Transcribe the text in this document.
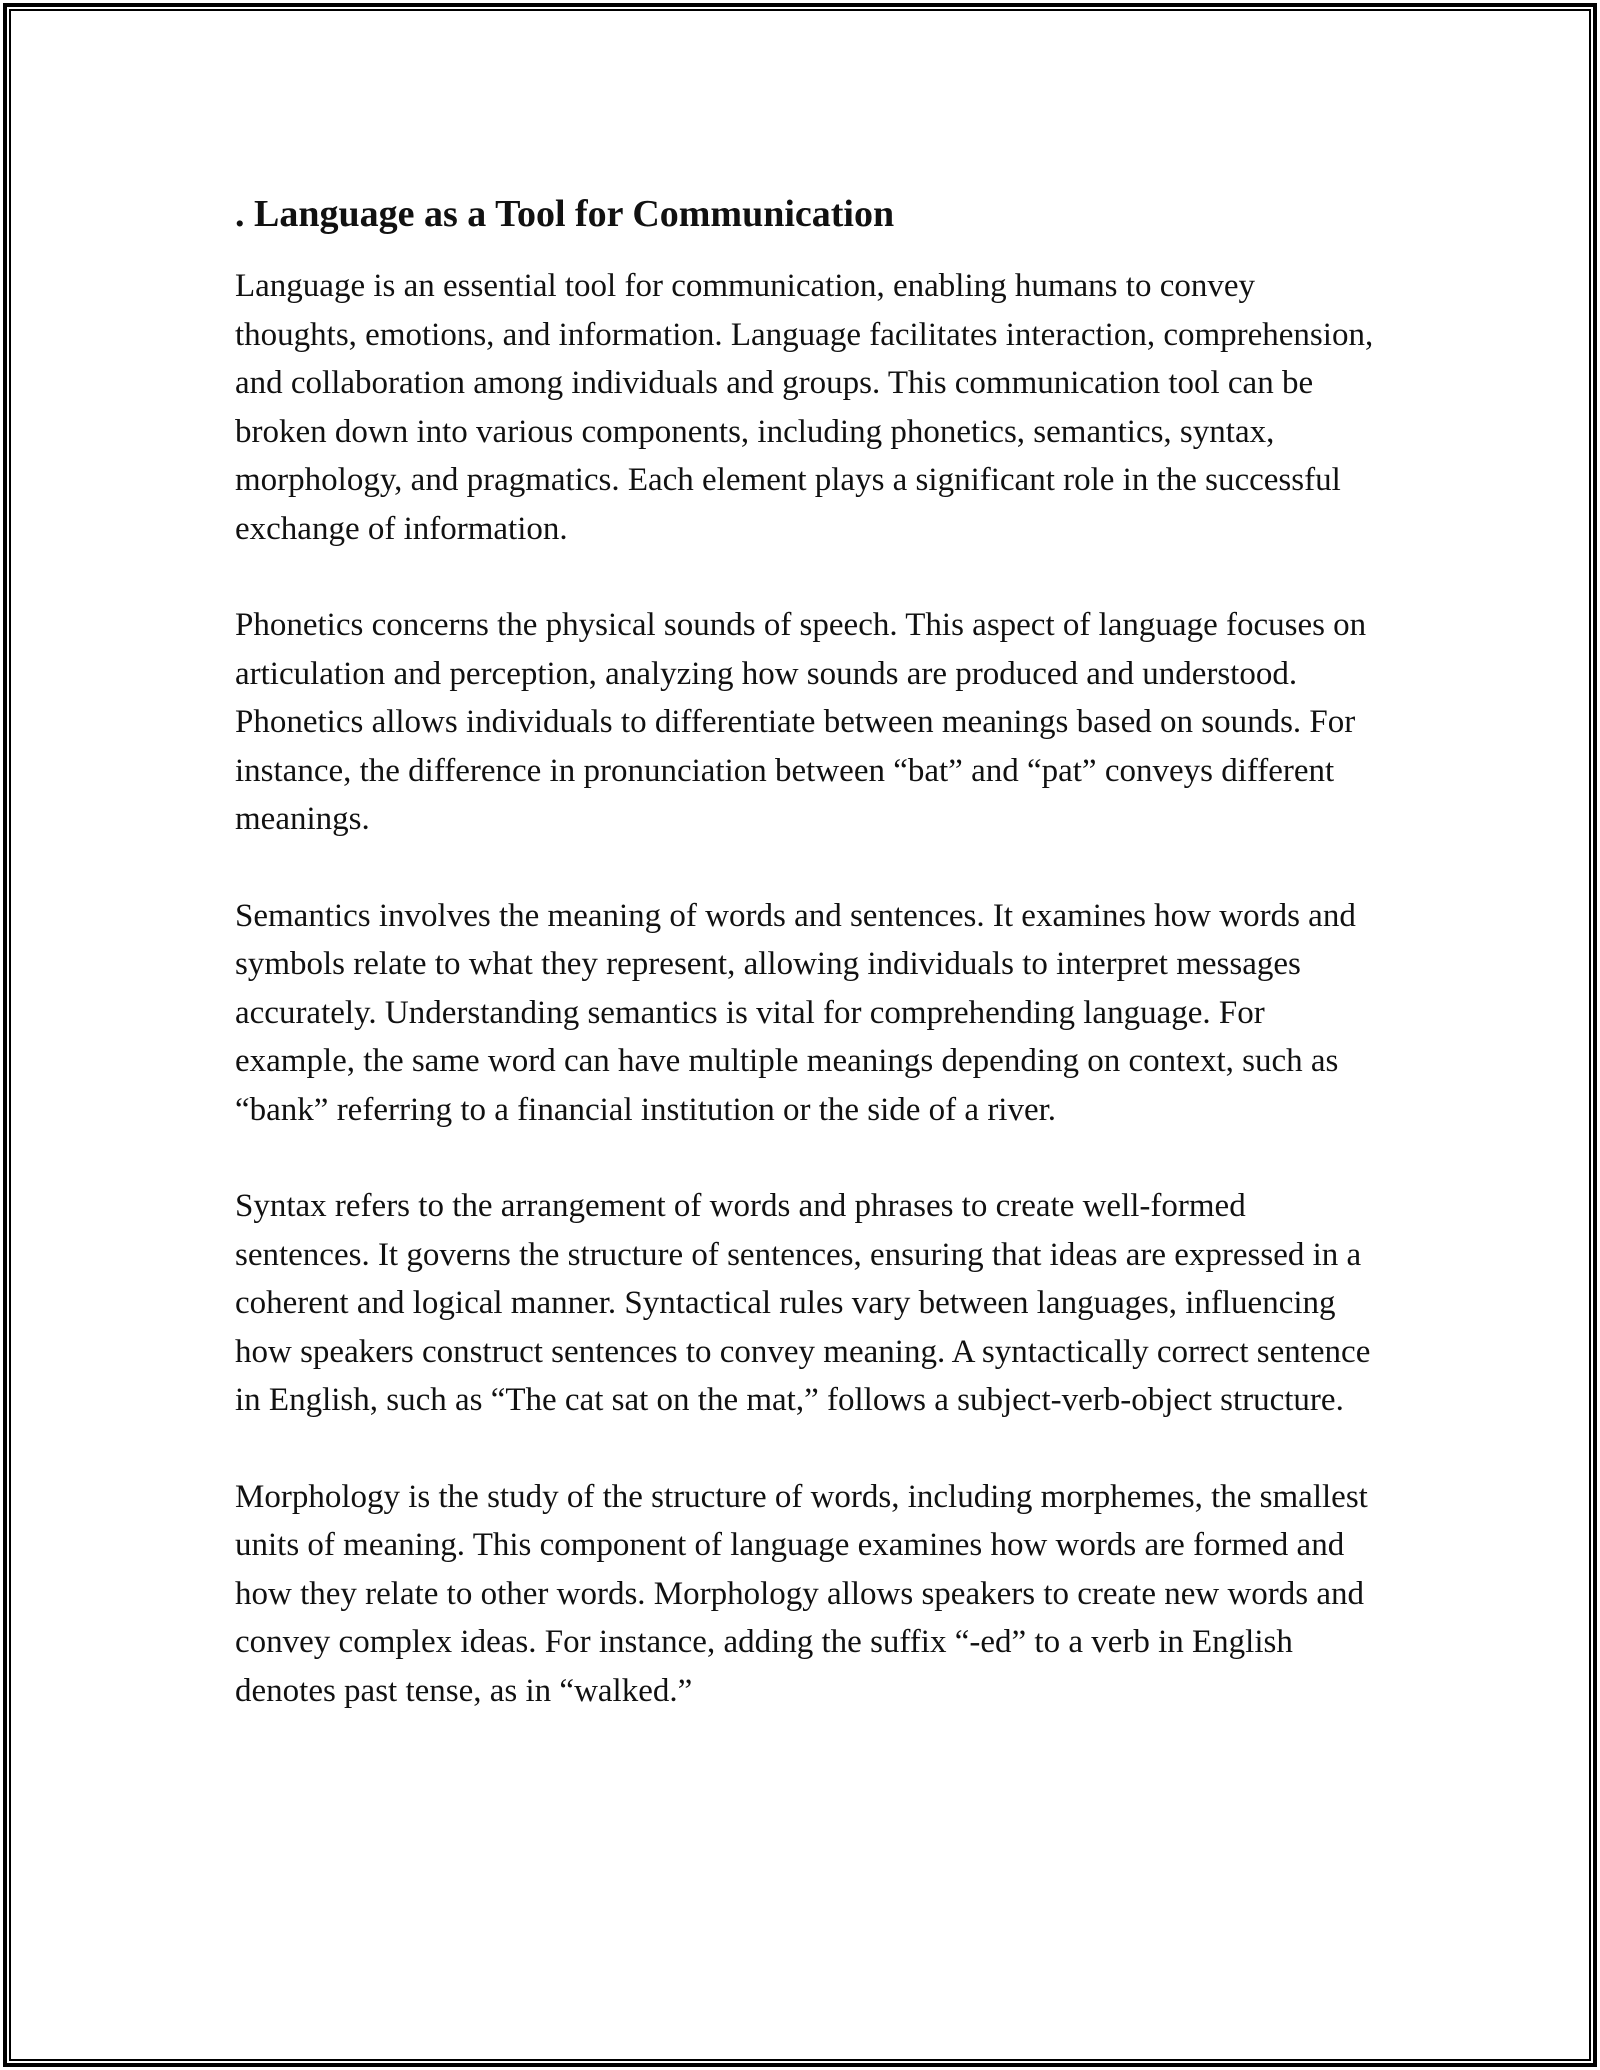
. Language as a Tool for Communication

Language is an essential tool for communication, enabling humans to convey thoughts, emotions, and information. Language facilitates interaction, comprehension, and collaboration among individuals and groups. This communication tool can be broken down into various components, including phonetics, semantics, syntax, morphology, and pragmatics. Each element plays a significant role in the successful exchange of information.

Phonetics concerns the physical sounds of speech. This aspect of language focuses on articulation and perception, analyzing how sounds are produced and understood. Phonetics allows individuals to differentiate between meanings based on sounds. For instance, the difference in pronunciation between “bat” and “pat” conveys different meanings.

Semantics involves the meaning of words and sentences. It examines how words and symbols relate to what they represent, allowing individuals to interpret messages accurately. Understanding semantics is vital for comprehending language. For example, the same word can have multiple meanings depending on context, such as “bank” referring to a financial institution or the side of a river.

Syntax refers to the arrangement of words and phrases to create well-formed sentences. It governs the structure of sentences, ensuring that ideas are expressed in a coherent and logical manner. Syntactical rules vary between languages, influencing how speakers construct sentences to convey meaning. A syntactically correct sentence in English, such as “The cat sat on the mat,” follows a subject-verb-object structure.

Morphology is the study of the structure of words, including morphemes, the smallest units of meaning. This component of language examines how words are formed and how they relate to other words. Morphology allows speakers to create new words and convey complex ideas. For instance, adding the suffix “-ed” to a verb in English denotes past tense, as in “walked.”
